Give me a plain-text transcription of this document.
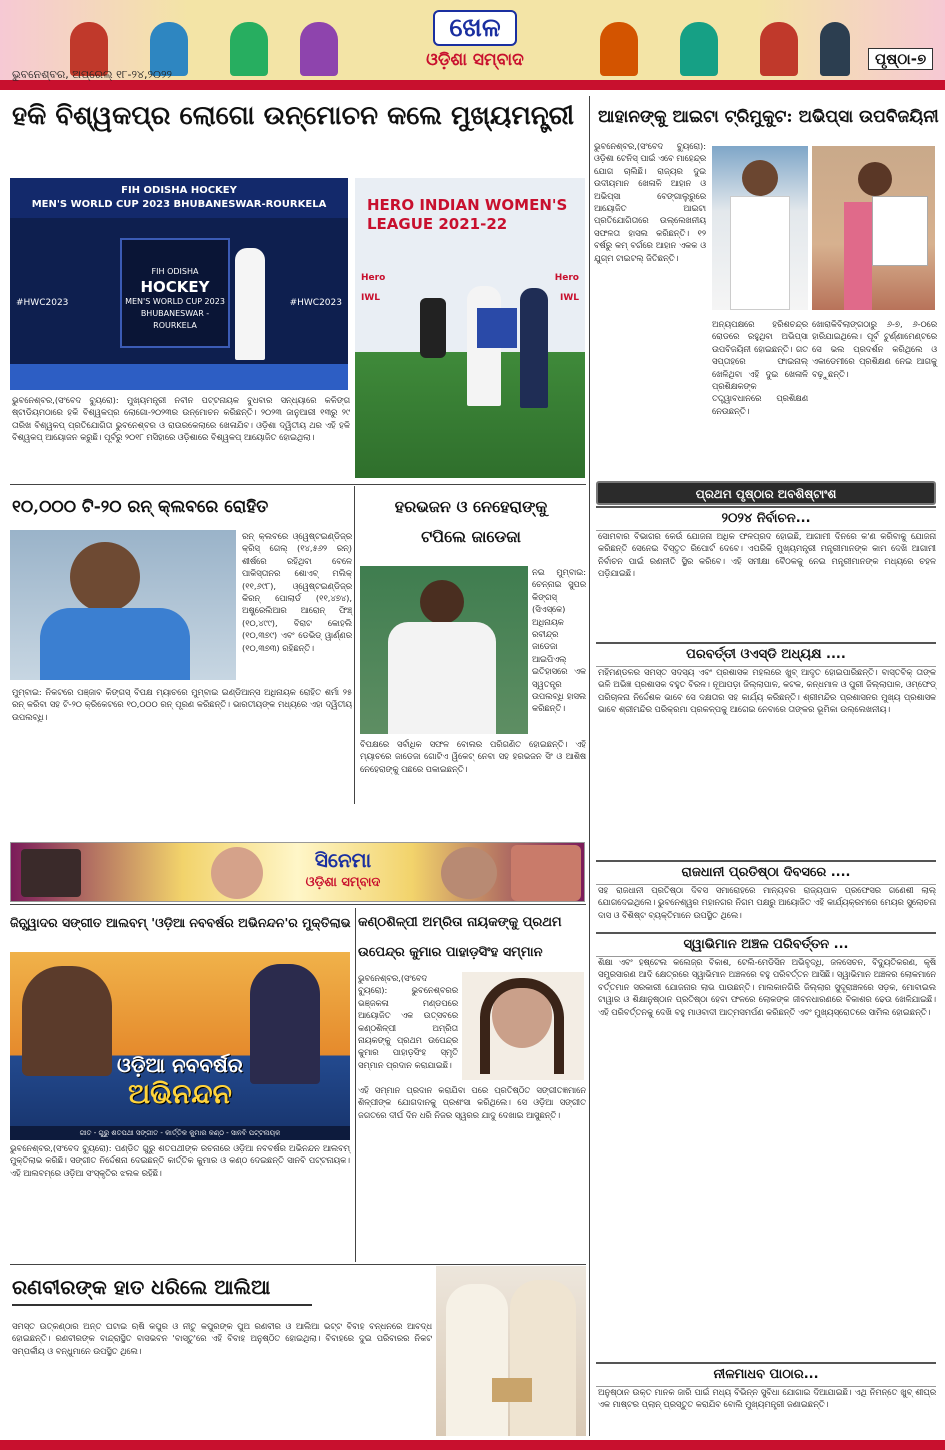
ଖେଳ
ଓଡ଼ିଶା ସମ୍ବାଦ
ଭୁବନେଶ୍ବର, ଅପ୍ରେଲ୍ ୧୮-୨୪,୨୦୨୨
ପୃଷ୍ଠା-୭
ହକି ବିଶ୍ୱକପ୍‌ର ଲୋଗୋ ଉନ୍ମୋଚନ କଲେ ମୁଖ୍ୟମନ୍ତ୍ରୀ
FIH ODISHA HOCKEY
MEN'S WORLD CUP 2023 BHUBANESWAR-ROURKELA
FIH ODISHA
HOCKEY
MEN'S WORLD CUP 2023
BHUBANESWAR - ROURKELA
#HWC2023	#HWC2023
HERO INDIAN WOMEN'S
LEAGUE 2021-22
Hero
IWL
Hero
IWL
ଭୁବନେଶ୍ବର,(ସଂବେଦ ବ୍ୟୁରୋ): ମୁଖ୍ୟମନ୍ତ୍ରୀ ନବୀନ ପଟ୍ଟନାୟକ ବୁଧବାର ସନ୍ଧ୍ୟାରେ କଳିଙ୍ଗ ଷ୍ଟାଡିୟମଠାରେ ହକି ବିଶ୍ୱକପ୍‌ର ଲୋଗୋ-୨୦୨୩ର ଉନ୍ମୋଚନ କରିଛନ୍ତି। ୨୦୨୩ ଜାନୁଆରୀ ୧୩ରୁ ୨୯ ତାରିଖ ବିଶ୍ୱକପ୍ ପ୍ରତିଯୋଗିତା ଭୁବନେଶ୍ବର ଓ ରାଉରକେଲାରେ ଖେଳାଯିବ। ଓଡ଼ିଶା ଦ୍ୱିତୀୟ ଥର ଏହି ହକି ବିଶ୍ୱକପ୍ ଆୟୋଜନ କରୁଛି। ପୂର୍ବରୁ ୨୦୧୮ ମସିହାରେ ଓଡ଼ିଶାରେ ବିଶ୍ୱକପ୍ ଆୟୋଜିତ ହୋଇଥିଲା।
ଆହାନଙ୍କୁ ଆଇଟା ଟ୍ରିମୁକୁଟ: ଅଭିପ୍ସା ଉପବିଜୟିନୀ
ଭୁବନେଶ୍ବର,(ସଂବେଦ ବ୍ୟୁରୋ): ଓଡ଼ିଶା ଟେନିସ୍ ପାଇଁ ଏବେ ମାହେନ୍ଦ୍ର ଯୋଗ ଚାଲିଛି। ରାଜ୍ୟର ଦୁଇ ଉଦୀୟମାନ ଖେଳାଳି ଆହାନ ଓ ଅଭିପ୍ସା ବେଙ୍ଗାଲୁରୁରେ ଆୟୋଜିତ ଆଇଟା ପ୍ରତିଯୋଗିତାରେ ଉଲ୍ଲେଖନୀୟ ସଫଳତା ହାସଲ କରିଛନ୍ତି। ୧୨ ବର୍ଷରୁ କମ୍ ବର୍ଗରେ ଆହାନ ଏକକ ଓ ଯୁଗ୍ମ ଟାଇଟଲ୍ ଜିତିଛନ୍ତି।
ଅନ୍ୟପକ୍ଷରେ ହରିଶଚନ୍ଦ୍ର ରୋଡରେ ରହୁଥିବା ଅଭିପ୍ସା ଉପବିଜୟିନୀ ହୋଇଛନ୍ତି। ଗତ ସପ୍ତାହରେ ଫାଇନାଲ୍ ଖେଳିଥିବା ଏହି ଦୁଇ ଖେଳାଳି ପ୍ରଶିକ୍ଷକଙ୍କ ତତ୍ତ୍ୱାବଧାନରେ ପ୍ରଶିକ୍ଷଣ ନେଉଛନ୍ତି।
ଖୋରାକିବିଲାଙ୍ଗଠାରୁ ୬-୭, ୬-୦ରେ ହାରିଯାଇଥିଲେ। ପୂର୍ବ ଟୁର୍ଣ୍ଣାମେଣ୍ଟରେ ସେ ଭଲ ପ୍ରଦର୍ଶନ କରିଥିଲେ ଓ ଏକାଡେମୀରେ ପ୍ରଶିକ୍ଷଣ ନେଇ ଆଗକୁ ବଢ଼ୁଛନ୍ତି।
୧୦,୦୦୦ ଟି-୨୦ ରନ୍ କ୍ଲବରେ ରୋହିତ
ରନ୍ କ୍ଲବରେ ଓ୍ୱେଷ୍ଟଇଣ୍ଡିଜ୍‌ର କ୍ରିସ୍ ଗେଲ୍ (୧୪,୫୬୨ ରନ୍) ଶୀର୍ଷରେ ରହିଥିବା ବେଳେ ପାକିସ୍ତାନର ଶୋଏବ୍ ମଲିକ୍ (୧୧,୬୯୮), ଓ୍ୱେଷ୍ଟଇଣ୍ଡିଜ୍‌ର କିରନ୍ ପୋଲାର୍ଡ (୧୧,୪୭୪), ଅଷ୍ଟ୍ରେଲିଆର ଆରୋନ୍ ଫିଞ୍ଚ୍ (୧୦,୪୯୯), ବିରାଟ କୋହଲି (୧୦,୩୭୯) ଏବଂ ଡେଭିଡ୍ ୱାର୍ଣ୍ଣର (୧୦,୩୭୩) ରହିଛନ୍ତି।
ମୁମ୍ବାଇ: ନିକଟରେ ପଞ୍ଜାବ କିଙ୍ଗସ୍ ବିପକ୍ଷ ମ୍ୟାଚରେ ମୁମ୍ବାଇ ଇଣ୍ଡିଆନ୍ସ ଅଧିନାୟକ ରୋହିତ ଶର୍ମା ୨୫ ରନ୍ କରିବା ସହ ଟି-୨୦ କ୍ରିକେଟରେ ୧୦,୦୦୦ ରନ୍ ପୂରଣ କରିଛନ୍ତି। ଭାରତୀୟଙ୍କ ମଧ୍ୟରେ ଏହା ଦ୍ୱିତୀୟ ଉପଲବ୍ଧି।
ହରଭଜନ ଓ ନେହେରାଙ୍କୁ
ଟପିଲେ ଜାଡେଜା
ନଇ ମୁମ୍ବାଇ: ଚେନ୍ନାଇ ସୁପର କିଙ୍ଗସ୍ (ସିଏସ୍‌କେ) ଅଧିନାୟକ ରବୀନ୍ଦ୍ର ଜାଡେଜା ଆଇପିଏଲ୍ ଇତିହାସରେ ଏକ ସ୍ୱତନ୍ତ୍ର ଉପଲବ୍ଧି ହାସଲ କରିଛନ୍ତି।
ବିପକ୍ଷରେ ସର୍ବାଧିକ ସଫଳ ବୋଲର ପରିଗଣିତ ହୋଇଛନ୍ତି। ଏହି ମ୍ୟାଚରେ ଜାଡେଜା ଗୋଟିଏ ୱିକେଟ୍ ନେବା ସହ ହରଭଜନ ସିଂ ଓ ଆଶିଷ ନେହେରାଙ୍କୁ ପଛରେ ପକାଇଛନ୍ତି।
ସିନେମା
ଓଡ଼ିଶା ସମ୍ବାଦ
ଜିନ୍ସ୍ୱାଦର ସଙ୍ଗୀତ ଆଲବମ୍ 'ଓଡ଼ିଆ ନବବର୍ଷର ଅଭିନନ୍ଦନ'ର ମୁକ୍ତିଲାଭ
ଓଡ଼ିଆ ନବବର୍ଷର
ଅଭିନନ୍ଦନ
ଗୀତ - ଗୁରୁ ଶତପଥୀ ସଙ୍ଗୀତ - କାର୍ତ୍ତିକ କୁମାର କଣ୍ଠ - ସାନବି ପଟ୍ଟନାୟକ
ଭୁବନେଶ୍ବର,(ସଂବେଦ ବ୍ୟୁରୋ): ପଣ୍ଡିତ ଗୁରୁ ଶତପଥୀଙ୍କ ରଚନାରେ ଓଡ଼ିଆ ନବବର୍ଷର ଅଭିନନ୍ଦନ ଆଲବମ୍ ମୁକ୍ତିଲାଭ କରିଛି। ସଙ୍ଗୀତ ନିର୍ଦ୍ଦେଶନା ଦେଇଛନ୍ତି କାର୍ତ୍ତିକ କୁମାର ଓ କଣ୍ଠ ଦେଇଛନ୍ତି ସାନବି ପଟ୍ଟନାୟକ। ଏହି ଆଲବମ୍‌ରେ ଓଡ଼ିଆ ସଂସ୍କୃତିର ଝଲକ ରହିଛି।
କଣ୍ଠଶିଳ୍ପୀ ଅମ୍ରିତା ନାୟକଙ୍କୁ ପ୍ରଥମ ଉପେନ୍ଦ୍ର କୁମାର ପାହାଡ଼ସିଂହ ସମ୍ମାନ
ଭୁବନେଶ୍ବର,(ସଂବେଦ ବ୍ୟୁରୋ): ଭୁବନେଶ୍ବରର ଭଞ୍ଜକଳା ମଣ୍ଡପରେ ଆୟୋଜିତ ଏକ ଉତ୍ସବରେ କଣ୍ଠଶିଳ୍ପୀ ଅମ୍ରିତା ନାୟକଙ୍କୁ ପ୍ରଥମ ଉପେନ୍ଦ୍ର କୁମାର ପାହାଡ଼ସିଂହ ସ୍ମୃତି ସମ୍ମାନ ପ୍ରଦାନ କରାଯାଇଛି।
ଏହି ସମ୍ମାନ ପ୍ରଦାନ କରାଯିବା ପରେ ପ୍ରତିଷ୍ଠିତ ସଙ୍ଗୀତଜ୍ଞମାନେ ଶିଳ୍ପୀଙ୍କ ଯୋଗଦାନକୁ ପ୍ରଶଂସା କରିଥିଲେ। ସେ ଓଡ଼ିଆ ସଙ୍ଗୀତ ଜଗତରେ ଦୀର୍ଘ ଦିନ ଧରି ନିଜର ସ୍ୱରର ଯାଦୁ ଦେଖାଇ ଆସୁଛନ୍ତି।
ରଣବୀରଙ୍କ ହାତ ଧରିଲେ ଆଲିଆ
ସମସ୍ତ ଉତ୍କଣ୍ଠାର ଅନ୍ତ ଘଟାଇ ଋଷି କପୁର ଓ ନୀତୁ କପୁରଙ୍କ ପୁଅ ରଣବୀର ଓ ଆଲିଆ ଭଟ୍ଟ ବିବାହ ବନ୍ଧନରେ ଆବଦ୍ଧ ହୋଇଛନ୍ତି। ରଣବୀରଙ୍କ ବାନ୍ଦ୍ରାସ୍ଥିତ ବାସଭବନ 'ବାସ୍ତୁ'ରେ ଏହି ବିବାହ ଅନୁଷ୍ଠିତ ହୋଇଥିଲା। ବିବାହରେ ଦୁଇ ପରିବାରର ନିକଟ ସମ୍ପର୍କୀୟ ଓ ବନ୍ଧୁମାନେ ଉପସ୍ଥିତ ଥିଲେ।
ପ୍ରଥମ ପୃଷ୍ଠାର ଅବଶିଷ୍ଟାଂଶ
୨୦୨୪ ନିର୍ବାଚନ...
ସୋମବାର ବିଭାଗର କେଉଁ ଯୋଜନା ଅଧିକ ଫଳପ୍ରଦ ହୋଇଛି, ଆଗାମୀ ଦିନରେ କ'ଣ କରିବାକୁ ଯୋଜନା କରିଛନ୍ତି ସେନେଇ ବିସ୍ତୃତ ରିପୋର୍ଟ ଦେବେ। ଏପରିକି ମୁଖ୍ୟମନ୍ତ୍ରୀ ମନ୍ତ୍ରୀମାନଙ୍କ କାମ ଦେଖି ଆଗାମୀ ନିର୍ବାଚନ ପାଇଁ ରଣନୀତି ସ୍ଥିର କରିବେ। ଏହି ସମୀକ୍ଷା ବୈଠକକୁ ନେଇ ମନ୍ତ୍ରୀମାନଙ୍କ ମଧ୍ୟରେ ଚହଳ ପଡ଼ିଯାଇଛି।
ପରବର୍ତ୍ତୀ ଓଏସ୍‌ଡି ଅଧ୍ୟକ୍ଷ ....
ମହିମଣ୍ଡଳର ସମସ୍ତ ସଦସ୍ୟ ଏବଂ ପ୍ରଶାସକ ମହଲରେ ଖୁବ୍ ଆଦୃତ ହୋଇପାରିଛନ୍ତି। ବାସ୍ତବିକ୍ ତାଙ୍କ ଭଳି ଅଭିଜ୍ଞ ପ୍ରଶାସକ ବହୁତ ବିରଳ। ନୂଆପଡ଼ା ଜିଲ୍ଲାପାଳ, କଟକ, କନ୍ଧମାଳ ଓ ପୁରୀ ଜିଲ୍ଲାପାଳ, ଓମ୍ଫେଡ୍ ପରିଚାଳନା ନିର୍ଦ୍ଦେଶକ ଭାବେ ସେ ଦକ୍ଷତାର ସହ କାର୍ଯ୍ୟ କରିଛନ୍ତି। ଶ୍ରୀମନ୍ଦିର ପ୍ରଶାସନର ମୁଖ୍ୟ ପ୍ରଶାସକ ଭାବେ ଶ୍ରୀମନ୍ଦିର ପରିକ୍ରମା ପ୍ରକଳ୍ପକୁ ଆଗେଇ ନେବାରେ ତାଙ୍କର ଭୂମିକା ଉଲ୍ଲେଖନୀୟ।
ରାଜଧାନୀ ପ୍ରତିଷ୍ଠା ଦିବସରେ ....
ସହ ରାଜଧାନୀ ପ୍ରତିଷ୍ଠା ଦିବସ ସମାରୋହରେ ମାନ୍ୟବର ରାଜ୍ୟପାଳ ପ୍ରଫେସର ଗଣେଶୀ ଲାଲ୍ ଯୋଗଦେଇଥିଲେ। ଭୁବନେଶ୍ୱର ମହାନଗର ନିଗମ ପକ୍ଷରୁ ଆୟୋଜିତ ଏହି କାର୍ଯ୍ୟକ୍ରମରେ ମେୟର ସୁଲୋଚନା ଦାସ ଓ ବିଶିଷ୍ଟ ବ୍ୟକ୍ତିମାନେ ଉପସ୍ଥିତ ଥିଲେ।
ସ୍ୱାଭିମାନ ଅଞ୍ଚଳ ପରିବର୍ତ୍ତନ ...
ଶିକ୍ଷା ଏବଂ ହଷ୍ଟେଲ କଲେଜ୍‌ର ବିକାଶ, ଟେଲି-ମେଡିସିନ ଅଭିବୃଦ୍ଧି, ଜଳସେଚନ, ବିଦ୍ୟୁତିକରଣ, କୃଷି ସମ୍ପ୍ରସାରଣ ଆଦି କ୍ଷେତ୍ରରେ ସ୍ୱାଭିମାନ ଅଞ୍ଚଳରେ ବହୁ ପରିବର୍ତ୍ତନ ଆସିଛି। ସ୍ୱାଭିମାନ ଅଞ୍ଚଳର ଲୋକମାନେ ବର୍ତ୍ତମାନ ସରକାରୀ ଯୋଜନାର ଲାଭ ପାଉଛନ୍ତି। ମାଲକାନଗିରି ଜିଲ୍ଲାର ସୁଦୂରାଞ୍ଚଳରେ ସଡ଼କ, ମୋବାଇଲ ଟାୱାର ଓ ଶିକ୍ଷାନୁଷ୍ଠାନ ପ୍ରତିଷ୍ଠା ହେବା ଫଳରେ ଲୋକଙ୍କ ଜୀବନଧାରଣରେ ବିକାଶର ଢେଉ ଖେଳିଯାଇଛି। ଏହି ପରିବର୍ତ୍ତନକୁ ଦେଖି ବହୁ ମାଓବାଦୀ ଆତ୍ମସମର୍ପଣ କରିଛନ୍ତି ଏବଂ ମୁଖ୍ୟସ୍ରୋତରେ ସାମିଲ ହୋଇଛନ୍ତି।
ନୀଳମାଧବ ପାଠାର...
ଅନୁଷ୍ଠାନ ଉକ୍ତ ମାନକ ଜାରି ପାଇଁ ମଧ୍ୟ ବିଭିନ୍ନ ସୁବିଧା ଯୋଗାଇ ଦିଆଯାଇଛି। ଏଥି ନିମନ୍ତେ ଖୁବ୍ ଶୀଘ୍ର ଏକ ମାଷ୍ଟର ପ୍ଲାନ୍ ପ୍ରସ୍ତୁତ କରାଯିବ ବୋଲି ମୁଖ୍ୟମନ୍ତ୍ରୀ ଜଣାଇଛନ୍ତି।
